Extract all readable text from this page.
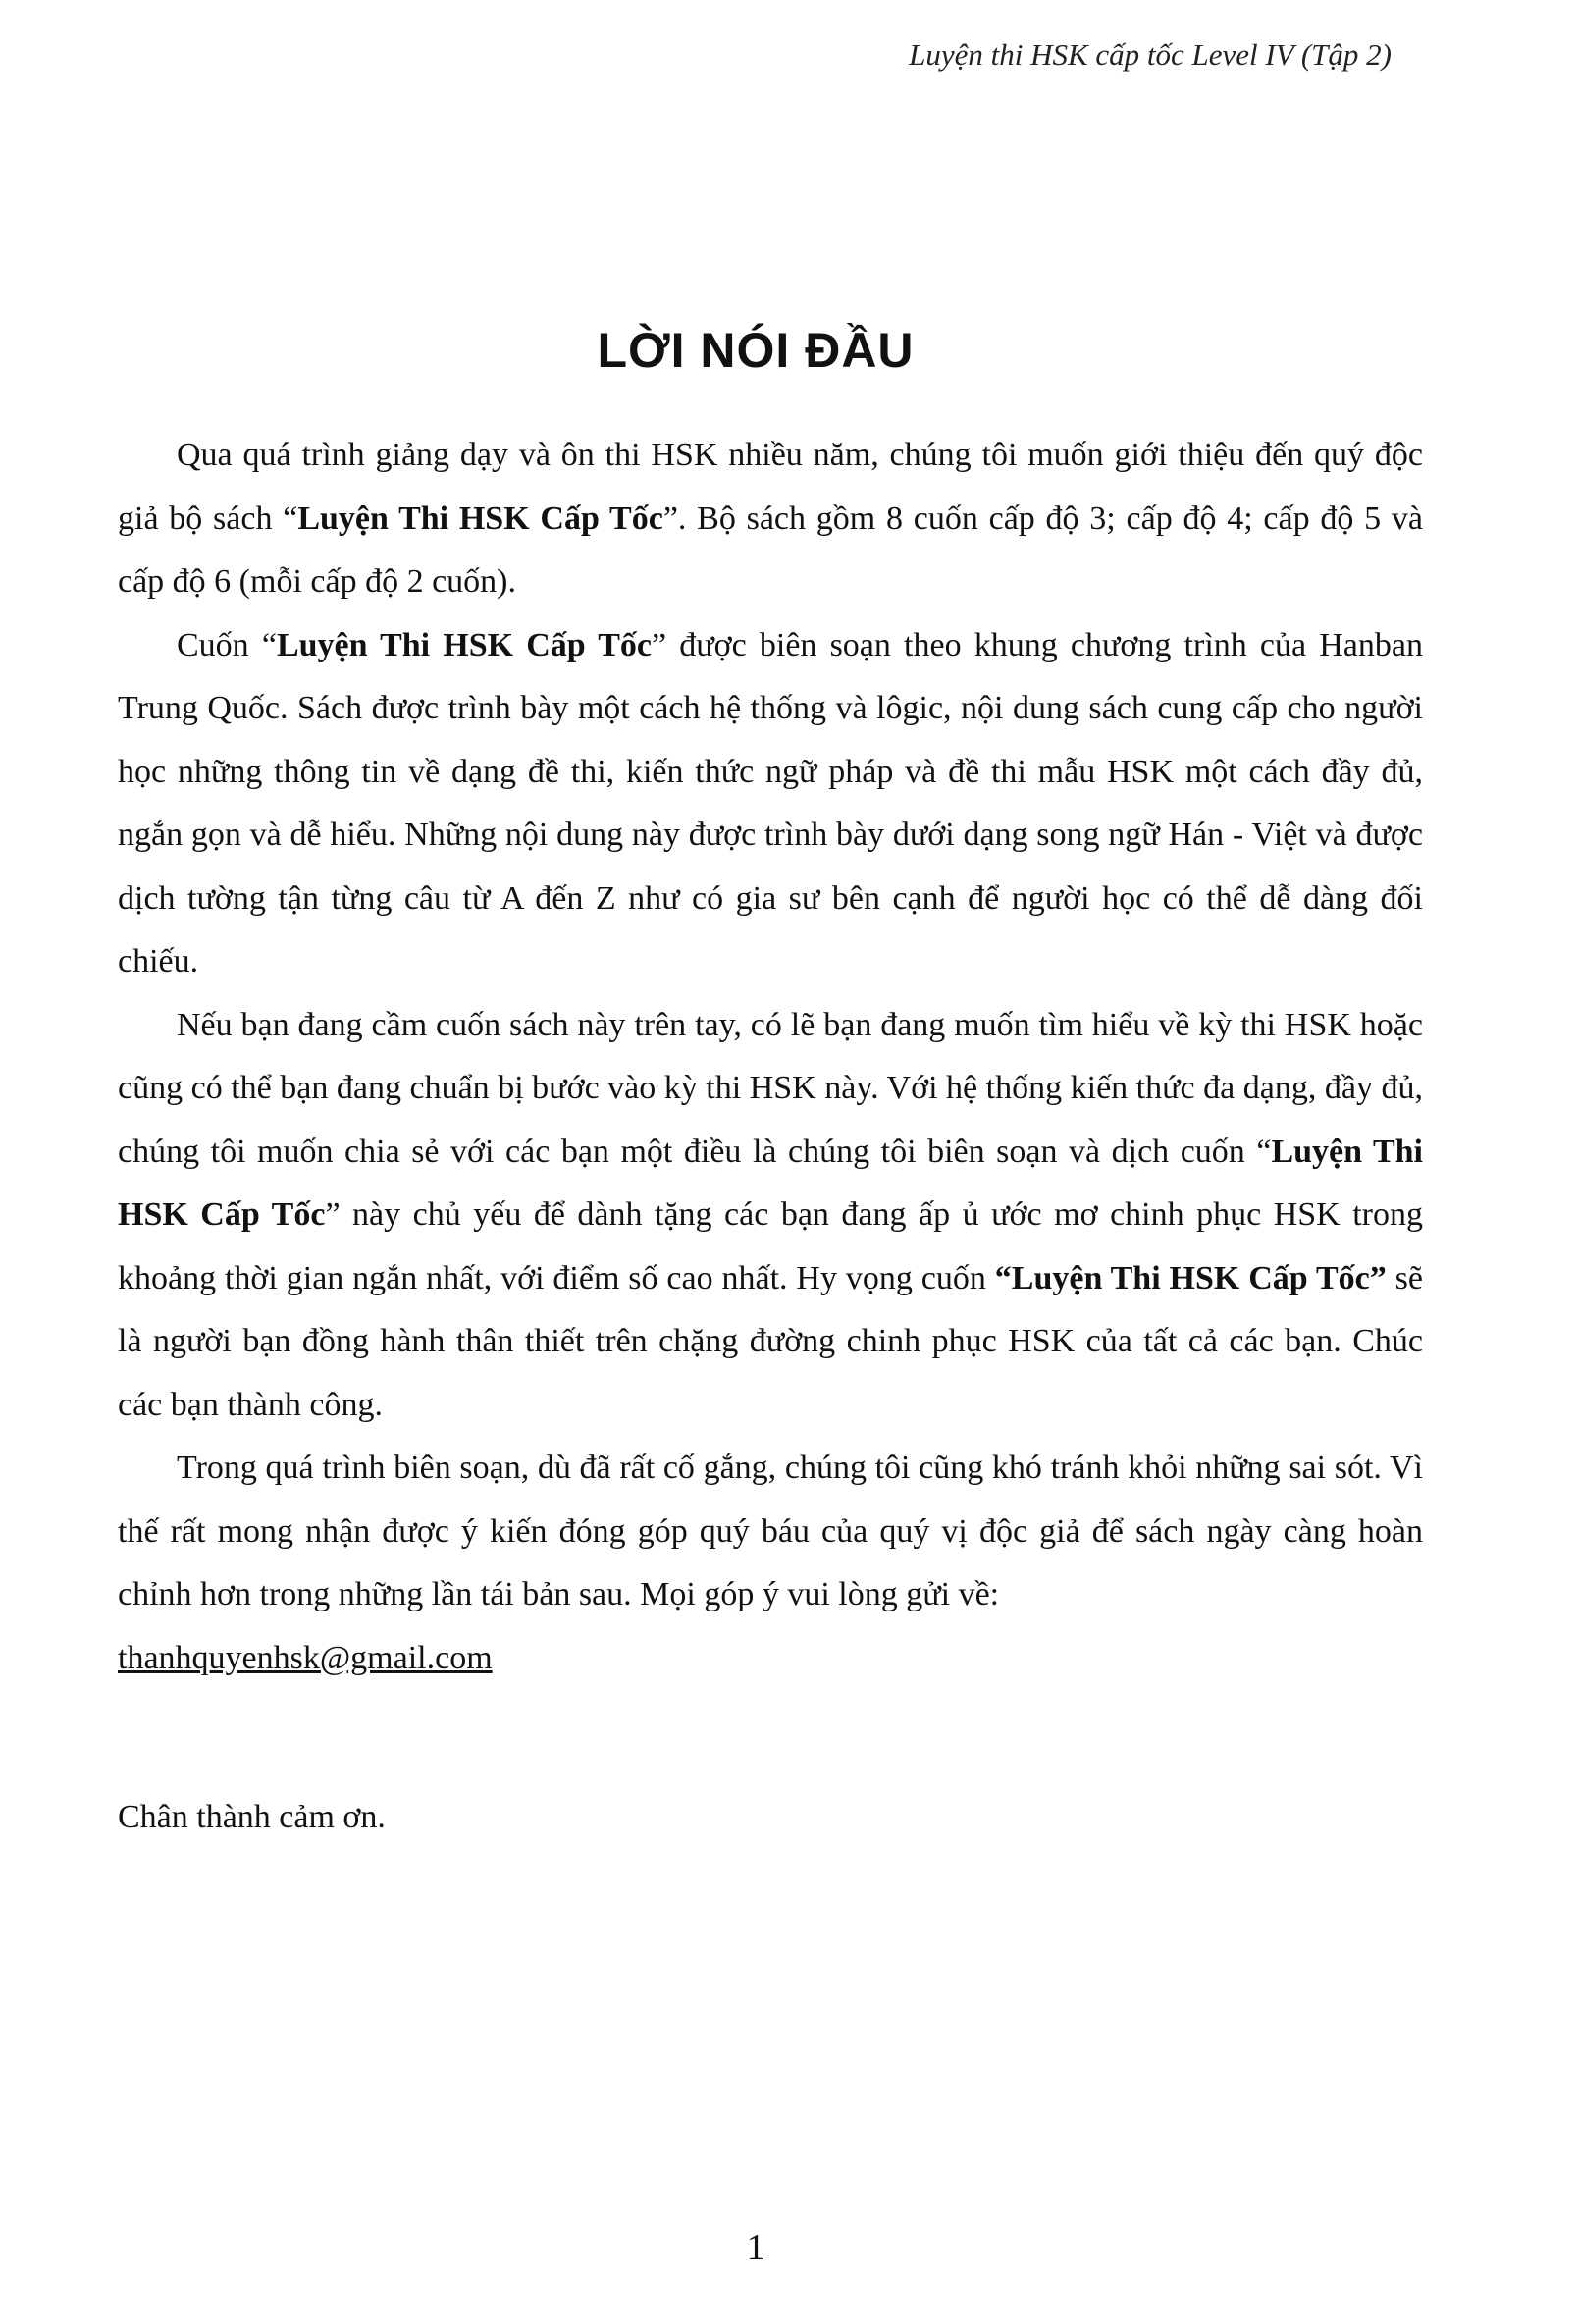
Luyện thi HSK cấp tốc Level IV (Tập 2)
LỜI NÓI ĐẦU

Qua quá trình giảng dạy và ôn thi HSK nhiều năm, chúng tôi muốn giới thiệu đến quý độc giả bộ sách “Luyện Thi HSK Cấp Tốc”. Bộ sách gồm 8 cuốn cấp độ 3; cấp độ 4; cấp độ 5 và cấp độ 6 (mỗi cấp độ 2 cuốn).

Cuốn “Luyện Thi HSK Cấp Tốc” được biên soạn theo khung chương trình của Hanban Trung Quốc. Sách được trình bày một cách hệ thống và lôgic, nội dung sách cung cấp cho người học những thông tin về dạng đề thi, kiến thức ngữ pháp và đề thi mẫu HSK một cách đầy đủ, ngắn gọn và dễ hiểu. Những nội dung này được trình bày dưới dạng song ngữ Hán - Việt và được dịch tường tận từng câu từ A đến Z như có gia sư bên cạnh để người học có thể dễ dàng đối chiếu.

Nếu bạn đang cầm cuốn sách này trên tay, có lẽ bạn đang muốn tìm hiểu về kỳ thi HSK hoặc cũng có thể bạn đang chuẩn bị bước vào kỳ thi HSK này. Với hệ thống kiến thức đa dạng, đầy đủ, chúng tôi muốn chia sẻ với các bạn một điều là chúng tôi biên soạn và dịch cuốn “Luyện Thi HSK Cấp Tốc” này chủ yếu để dành tặng các bạn đang ấp ủ ước mơ chinh phục HSK trong khoảng thời gian ngắn nhất, với điểm số cao nhất. Hy vọng cuốn “Luyện Thi HSK Cấp Tốc” sẽ là người bạn đồng hành thân thiết trên chặng đường chinh phục HSK của tất cả các bạn. Chúc các bạn thành công.

Trong quá trình biên soạn, dù đã rất cố gắng, chúng tôi cũng khó tránh khỏi những sai sót. Vì thế rất mong nhận được ý kiến đóng góp quý báu của quý vị độc giả để sách ngày càng hoàn chỉnh hơn trong những lần tái bản sau. Mọi góp ý vui lòng gửi về:

thanhquyenhsk@gmail.com
Chân thành cảm ơn.
1
